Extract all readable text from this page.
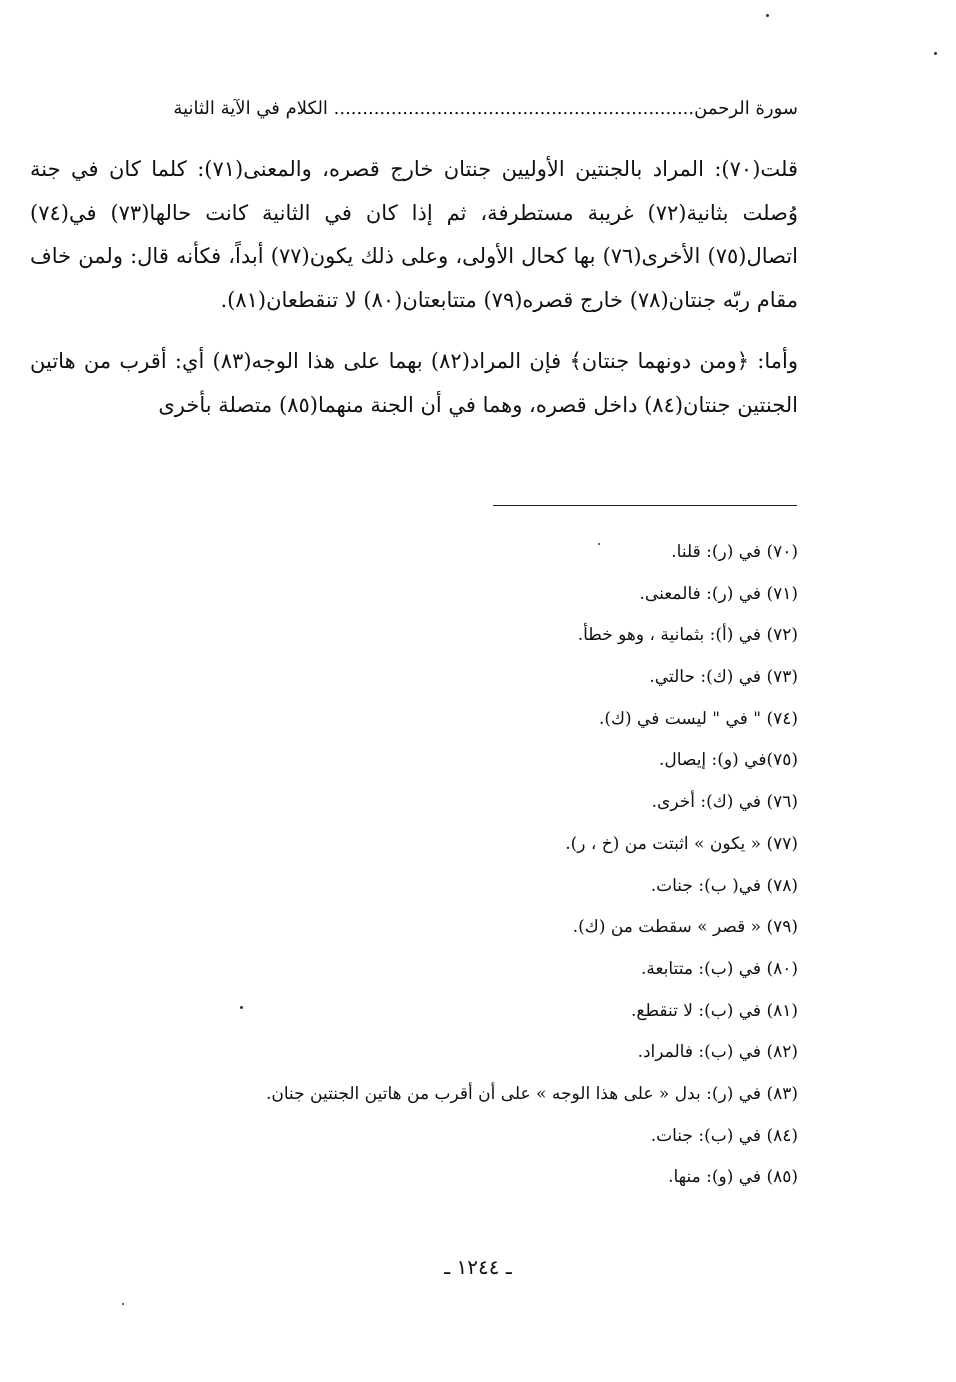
سورة الرحمن............................................................... الكلام في الآية الثانية

قلت(٧٠): المراد بالجنتين الأوليين جنتان خارج قصره، والمعنى(٧١): كلما كان في جنة وُصلت بثانية(٧٢) غريبة مستطرفة، ثم إذا كان في الثانية كانت حالها(٧٣) في(٧٤) اتصال(٧٥) الأخرى(٧٦) بها كحال الأولى، وعلى ذلك يكون(٧٧) أبداً، فكأنه قال: ولمن خاف مقام ربّه جنتان(٧٨) خارج قصره(٧٩) متتابعتان(٨٠) لا تنقطعان(٨١).

وأما: ﴿ومن دونهما جنتان﴾ فإن المراد(٨٢) بهما على هذا الوجه(٨٣) أي: أقرب من هاتين الجنتين جنتان(٨٤) داخل قصره، وهما في أن الجنة منهما(٨٥) متصلة بأخرى

(٧٠) في (ر): قلنا.
(٧١) في (ر): فالمعنى.
(٧٢) في (أ): بثمانية ، وهو خطأ.
(٧٣) في (ك): حالتي.
(٧٤) " في " ليست في (ك).
(٧٥)في (و): إيصال.
(٧٦) في (ك): أخرى.
(٧٧) « يكون » اثبتت من (خ ، ر).
(٧٨) في( ب): جنات.
(٧٩) « قصر » سقطت من (ك).
(٨٠) في (ب): متتابعة.
(٨١) في (ب): لا تنقطع.
(٨٢) في (ب): فالمراد.
(٨٣) في (ر): بدل « على هذا الوجه » على أن أقرب من هاتين الجنتين جنان.
(٨٤) في (ب): جنات.
(٨٥) في (و): منها.
ـ ١٢٤٤ ـ
